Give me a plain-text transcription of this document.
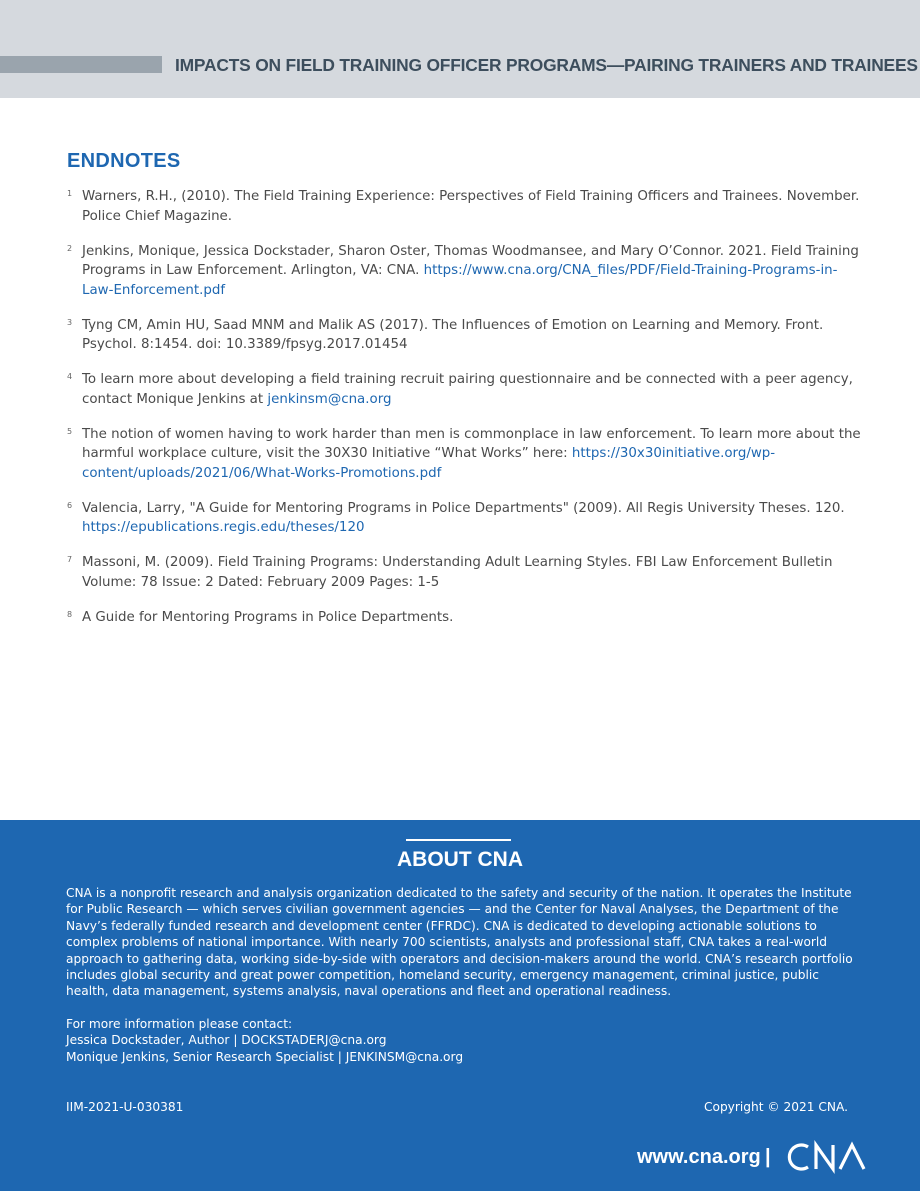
IMPACTS ON FIELD TRAINING OFFICER PROGRAMS—PAIRING TRAINERS AND TRAINEES
ENDNOTES
1 Warners, R.H., (2010). The Field Training Experience: Perspectives of Field Training Officers and Trainees. November. Police Chief Magazine.
2 Jenkins, Monique, Jessica Dockstader, Sharon Oster, Thomas Woodmansee, and Mary O’Connor. 2021. Field Training Programs in Law Enforcement. Arlington, VA: CNA. https://www.cna.org/CNA_files/PDF/Field-Training-Programs-in-Law-Enforcement.pdf
3 Tyng CM, Amin HU, Saad MNM and Malik AS (2017). The Influences of Emotion on Learning and Memory. Front. Psychol. 8:1454. doi: 10.3389/fpsyg.2017.01454
4 To learn more about developing a field training recruit pairing questionnaire and be connected with a peer agency, contact Monique Jenkins at jenkinsm@cna.org
5 The notion of women having to work harder than men is commonplace in law enforcement. To learn more about the harmful workplace culture, visit the 30X30 Initiative “What Works” here: https://30x30initiative.org/wp-content/uploads/2021/06/What-Works-Promotions.pdf
6 Valencia, Larry, "A Guide for Mentoring Programs in Police Departments" (2009). All Regis University Theses. 120. https://epublications.regis.edu/theses/120
7 Massoni, M. (2009). Field Training Programs: Understanding Adult Learning Styles. FBI Law Enforcement Bulletin Volume: 78 Issue: 2 Dated: February 2009 Pages: 1-5
8 A Guide for Mentoring Programs in Police Departments.
ABOUT CNA

CNA is a nonprofit research and analysis organization dedicated to the safety and security of the nation. It operates the Institute for Public Research — which serves civilian government agencies — and the Center for Naval Analyses, the Department of the Navy’s federally funded research and development center (FFRDC). CNA is dedicated to developing actionable solutions to complex problems of national importance. With nearly 700 scientists, analysts and professional staff, CNA takes a real-world approach to gathering data, working side-by-side with operators and decision-makers around the world. CNA’s research portfolio includes global security and great power competition, homeland security, emergency management, criminal justice, public health, data management, systems analysis, naval operations and fleet and operational readiness.

For more information please contact:
Jessica Dockstader, Author | DOCKSTADERJ@cna.org
Monique Jenkins, Senior Research Specialist | JENKINSM@cna.org
IIM-2021-U-030381	Copyright © 2021 CNA.
www.cna.org |
